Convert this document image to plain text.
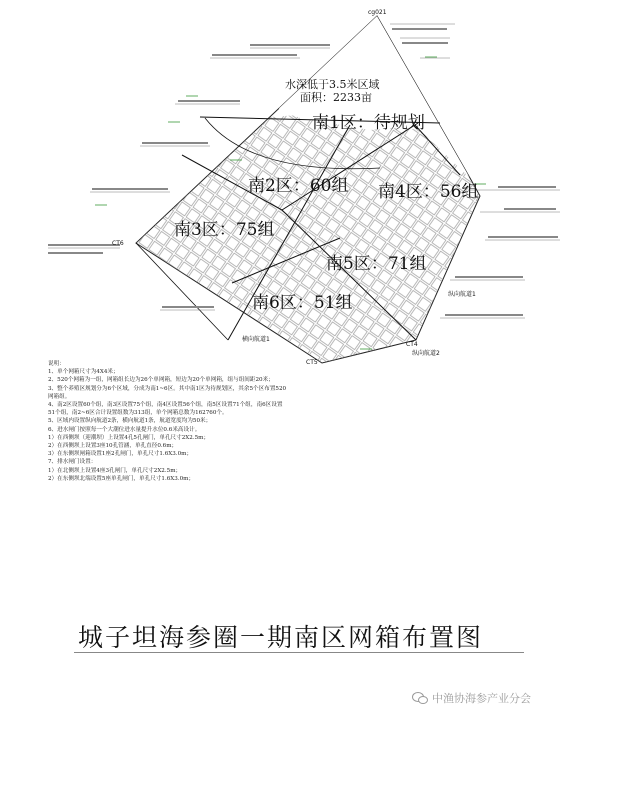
cg021
CT6
CT5
CT4
水深低于3.5米区域
面积：2233亩
南1区：待规划
南2区：60组
南3区：75组
南4区：56组
南5区：71组
南6区：51组
横向航道1
纵向航道1
纵向航道2
说明：
1、单个网箱尺寸为4X4米；
2、520个网箱为一组，网箱组长边为26个单网箱，短边为20个单网箱，组与组间距20米；
3、整个养殖区规划分为6个区域，分成为南1~6区。其中南1区为待规划区，其余5个区布置520网箱组。
4、南2区设置60个组，南3区设置75个组，南4区设置56个组，南5区设置71个组，南6区设置51个组，南2~6区合计设置组数为313组，单个网箱总数为162760个。
5、区域内设置纵向航道2条，横向航道1条，航道宽度均为50米；
6、进水闸门按照每一个大潮位进水量提升水位0.6米高设计。
1）在西侧坝（迎潮坝）上设置4孔5孔闸门，单孔尺寸2X2.5m；
2）在西侧坝上设置3座10孔管涵，单孔直径0.6m；
3）在东侧坝闸箱设置1座2孔闸门，单孔尺寸1.6X3.0m；
7、排水闸门设置：
1）在北侧坝上设置4座3孔闸门，单孔尺寸2X2.5m；
2）在东侧坝北端设置5座单孔闸门，单孔尺寸1.6X3.0m；
城子坦海参圈一期南区网箱布置图
中渔协海参产业分会
